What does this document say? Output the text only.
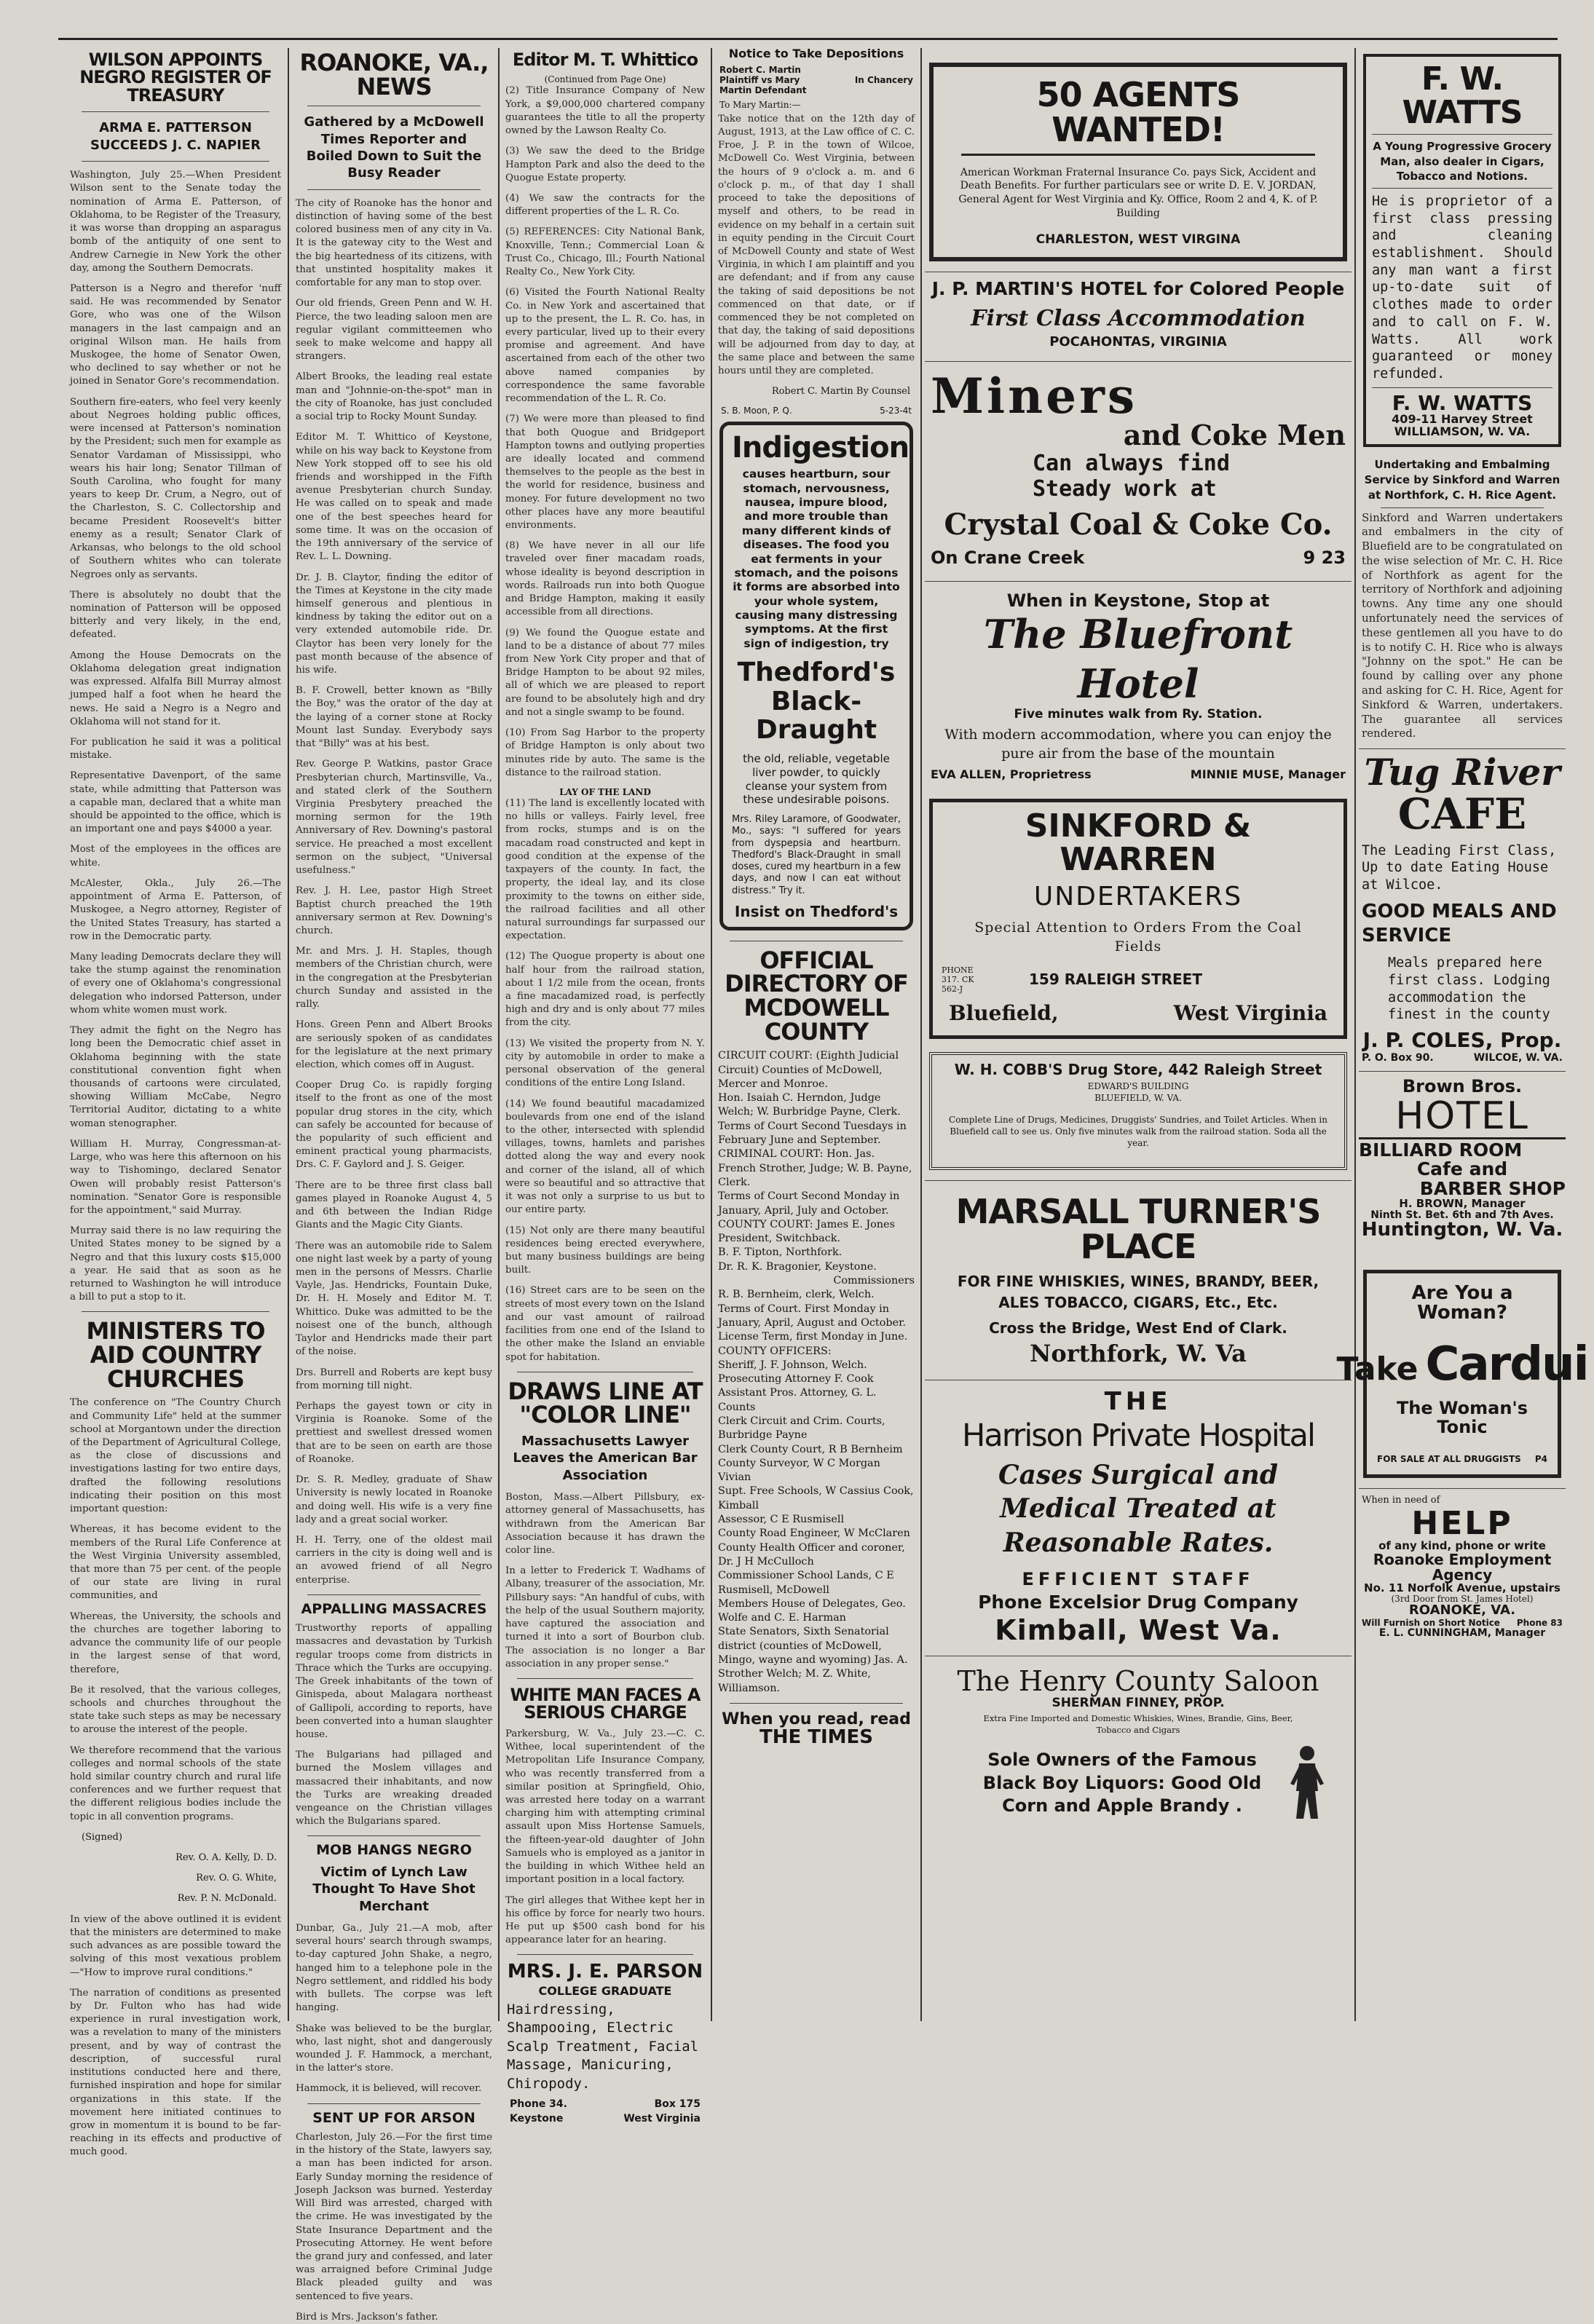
WILSON APPOINTS NEGRO REGISTER OF TREASURY
ARMA E. PATTERSON SUCCEEDS J. C. NAPIER

Washington, July 25.—When President Wilson sent to the Senate today the nomination of Arma E. Patterson, of Oklahoma, to be Register of the Treasury, it was worse than dropping an asparagus bomb of the antiquity of one sent to Andrew Carnegie in New York the other day, among the Southern Democrats.

Patterson is a Negro and therefor 'nuff said. He was recommended by Senator Gore, who was one of the Wilson managers in the last campaign and an original Wilson man. He hails from Muskogee, the home of Senator Owen, who declined to say whether or not he joined in Senator Gore's recommendation.

Southern fire-eaters, who feel very keenly about Negroes holding public offices, were incensed at Patterson's nomination by the President; such men for example as Senator Vardaman of Mississippi, who wears his hair long; Senator Tillman of South Carolina, who fought for many years to keep Dr. Crum, a Negro, out of the Charleston, S. C. Collectorship and became President Roosevelt's bitter enemy as a result; Senator Clark of Arkansas, who belongs to the old school of Southern whites who can tolerate Negroes only as servants.

There is absolutely no doubt that the nomination of Patterson will be opposed bitterly and very likely, in the end, defeated.

Among the House Democrats on the Oklahoma delegation great indignation was expressed. Alfalfa Bill Murray almost jumped half a foot when he heard the news. He said a Negro is a Negro and Oklahoma will not stand for it.

For publication he said it was a political mistake.

Representative Davenport, of the same state, while admitting that Patterson was a capable man, declared that a white man should be appointed to the office, which is an important one and pays $4000 a year.

Most of the employees in the offices are white.

McAlester, Okla., July 26.—The appointment of Arma E. Patterson, of Muskogee, a Negro attorney, Register of the United States Treasury, has started a row in the Democratic party.

Many leading Democrats declare they will take the stump against the renomination of every one of Oklahoma's congressional delegation who indorsed Patterson, under whom white women must work.

They admit the fight on the Negro has long been the Democratic chief asset in Oklahoma beginning with the state constitutional convention fight when thousands of cartoons were circulated, showing William McCabe, Negro Territorial Auditor, dictating to a white woman stenographer.

William H. Murray, Congressman-at-Large, who was here this afternoon on his way to Tishomingo, declared Senator Owen will probably resist Patterson's nomination. "Senator Gore is responsible for the appointment," said Murray.

Murray said there is no law requiring the United States money to be signed by a Negro and that this luxury costs $15,000 a year. He said that as soon as he returned to Washington he will introduce a bill to put a stop to it.

MINISTERS TO AID COUNTRY CHURCHES

The conference on "The Country Church and Community Life" held at the summer school at Morgantown under the direction of the Department of Agricultural College, as the close of discussions and investigations lasting for two entire days, drafted the following resolutions indicating their position on this most important question:

Whereas, it has become evident to the members of the Rural Life Conference at the West Virginia University assembled, that more than 75 per cent. of the people of our state are living in rural communities, and

Whereas, the University, the schools and the churches are together laboring to advance the community life of our people in the largest sense of that word, therefore,

Be it resolved, that the various colleges, schools and churches throughout the state take such steps as may be necessary to arouse the interest of the people.

We therefore recommend that the various colleges and normal schools of the state hold similar country church and rural life conferences and we further request that the different religious bodies include the topic in all convention programs.

(Signed)
Rev. O. A. Kelly, D. D.
Rev. O. G. White,
Rev. P. N. McDonald.

In view of the above outlined it is evident that the ministers are determined to make such advances as are possible toward the solving of this most vexatious problem—"How to improve rural conditions."

The narration of conditions as presented by Dr. Fulton who has had wide experience in rural investigation work, was a revelation to many of the ministers present, and by way of contrast the description, of successful rural institutions conducted here and there, furnished inspiration and hope for similar organizations in this state. If the movement here initiated continues to grow in momentum it is bound to be far-reaching in its effects and productive of much good.

ROANOKE, VA., NEWS
Gathered by a McDowell Times Reporter and Boiled Down to Suit the Busy Reader

The city of Roanoke has the honor and distinction of having some of the best colored business men of any city in Va. It is the gateway city to the West and the big heartedness of its citizens, with that unstinted hospitality makes it comfortable for any man to stop over.

Our old friends, Green Penn and W. H. Pierce, the two leading saloon men are regular vigilant committeemen who seek to make welcome and happy all strangers.

Albert Brooks, the leading real estate man and "Johnnie-on-the-spot" man in the city of Roanoke, has just concluded a social trip to Rocky Mount Sunday.

Editor M. T. Whittico of Keystone, while on his way back to Keystone from New York stopped off to see his old friends and worshipped in the Fifth avenue Presbyterian church Sunday. He was called on to speak and made one of the best speeches heard for some time. It was on the occasion of the 19th anniversary of the service of Rev. L. L. Downing.

Dr. J. B. Claytor, finding the editor of the Times at Keystone in the city made himself generous and plentious in kindness by taking the editor out on a very extended automobile ride. Dr. Claytor has been very lonely for the past month because of the absence of his wife.

B. F. Crowell, better known as "Billy the Boy," was the orator of the day at the laying of a corner stone at Rocky Mount last Sunday. Everybody says that "Billy" was at his best.

Rev. George P. Watkins, pastor Grace Presbyterian church, Martinsville, Va., and stated clerk of the Southern Virginia Presbytery preached the morning sermon for the 19th Anniversary of Rev. Downing's pastoral service. He preached a most excellent sermon on the subject, "Universal usefulness."

Rev. J. H. Lee, pastor High Street Baptist church preached the 19th anniversary sermon at Rev. Downing's church.

Mr. and Mrs. J. H. Staples, though members of the Christian church, were in the congregation at the Presbyterian church Sunday and assisted in the rally.

Hons. Green Penn and Albert Brooks are seriously spoken of as candidates for the legislature at the next primary election, which comes off in August.

Cooper Drug Co. is rapidly forging itself to the front as one of the most popular drug stores in the city, which can safely be accounted for because of the popularity of such efficient and eminent practical young pharmacists, Drs. C. F. Gaylord and J. S. Geiger.

There are to be three first class ball games played in Roanoke August 4, 5 and 6th between the Indian Ridge Giants and the Magic City Giants.

There was an automobile ride to Salem one night last week by a party of young men in the persons of Messrs. Charlie Vayle, Jas. Hendricks, Fountain Duke, Dr. H. H. Mosely and Editor M. T. Whittico. Duke was admitted to be the noisest one of the bunch, although Taylor and Hendricks made their part of the noise.

Drs. Burrell and Roberts are kept busy from morning till night.

Perhaps the gayest town or city in Virginia is Roanoke. Some of the prettiest and swellest dressed women that are to be seen on earth are those of Roanoke.

Dr. S. R. Medley, graduate of Shaw University is newly located in Roanoke and doing well. His wife is a very fine lady and a great social worker.

H. H. Terry, one of the oldest mail carriers in the city is doing well and is an avowed friend of all Negro enterprise.

APPALLING MASSACRES

Trustworthy reports of appalling massacres and devastation by Turkish regular troops come from districts in Thrace which the Turks are occupying. The Greek inhabitants of the town of Ginispeda, about Malagara northeast of Gallipoli, according to reports, have been converted into a human slaughter house.

The Bulgarians had pillaged and burned the Moslem villages and massacred their inhabitants, and now the Turks are wreaking dreaded vengeance on the Christian villages which the Bulgarians spared.

MOB HANGS NEGRO
Victim of Lynch Law Thought To Have Shot Merchant

Dunbar, Ga., July 21.—A mob, after several hours' search through swamps, to-day captured John Shake, a negro, hanged him to a telephone pole in the Negro settlement, and riddled his body with bullets. The corpse was left hanging.

Shake was believed to be the burglar, who, last night, shot and dangerously wounded J. F. Hammock, a merchant, in the latter's store.

Hammock, it is believed, will recover.

SENT UP FOR ARSON

Charleston, July 26.—For the first time in the history of the State, lawyers say, a man has been indicted for arson. Early Sunday morning the residence of Joseph Jackson was burned. Yesterday Will Bird was arrested, charged with the crime. He was investigated by the State Insurance Department and the Prosecuting Attorney. He went before the grand jury and confessed, and later was arraigned before Criminal Judge Black pleaded guilty and was sentenced to five years.

Bird is Mrs. Jackson's father.

Editor M. T. Whittico
(Continued from Page One)

(2) Title Insurance Company of New York, a $9,000,000 chartered company guarantees the title to all the property owned by the Lawson Realty Co.

(3) We saw the deed to the Bridge Hampton Park and also the deed to the Quogue Estate property.

(4) We saw the contracts for the different properties of the L. R. Co.

(5) REFERENCES: City National Bank, Knoxville, Tenn.; Commercial Loan & Trust Co., Chicago, Ill.; Fourth National Realty Co., New York City.

(6) Visited the Fourth National Realty Co. in New York and ascertained that up to the present, the L. R. Co. has, in every particular, lived up to their every promise and agreement. And have ascertained from each of the other two above named companies by correspondence the same favorable recommendation of the L. R. Co.

(7) We were more than pleased to find that both Quogue and Bridgeport Hampton towns and outlying properties are ideally located and commend themselves to the people as the best in the world for residence, business and money. For future development no two other places have any more beautiful environments.

(8) We have never in all our life traveled over finer macadam roads, whose ideality is beyond description in words. Railroads run into both Quogue and Bridge Hampton, making it easily accessible from all directions.

(9) We found the Quogue estate and land to be a distance of about 77 miles from New York City proper and that of Bridge Hampton to be about 92 miles, all of which we are pleased to report are found to be absolutely high and dry and not a single swamp to be found.

(10) From Sag Harbor to the property of Bridge Hampton is only about two minutes ride by auto. The same is the distance to the railroad station.

LAY OF THE LAND

(11) The land is excellently located with no hills or valleys. Fairly level, free from rocks, stumps and is on the macadam road constructed and kept in good condition at the expense of the taxpayers of the county. In fact, the property, the ideal lay, and its close proximity to the towns on either side, the railroad facilities and all other natural surroundings far surpassed our expectation.

(12) The Quogue property is about one half hour from the railroad station, about 1 1/2 mile from the ocean, fronts a fine macadamized road, is perfectly high and dry and is only about 77 miles from the city.

(13) We visited the property from N. Y. city by automobile in order to make a personal observation of the general conditions of the entire Long Island.

(14) We found beautiful macadamized boulevards from one end of the island to the other, intersected with splendid villages, towns, hamlets and parishes dotted along the way and every nook and corner of the island, all of which were so beautiful and so attractive that it was not only a surprise to us but to our entire party.

(15) Not only are there many beautiful residences being erected everywhere, but many business buildings are being built.

(16) Street cars are to be seen on the streets of most every town on the Island and our vast amount of railroad facilities from one end of the Island to the other make the Island an enviable spot for habitation.

DRAWS LINE AT "COLOR LINE"
Massachusetts Lawyer Leaves the American Bar Association

Boston, Mass.—Albert Pillsbury, ex-attorney general of Massachusetts, has withdrawn from the American Bar Association because it has drawn the color line.

In a letter to Frederick T. Wadhams of Albany, treasurer of the association, Mr. Pillsbury says: "An handful of cubs, with the help of the usual Southern majority, have captured the association and turned it into a sort of Bourbon club. The association is no longer a Bar association in any proper sense."

WHITE MAN FACES A SERIOUS CHARGE

Parkersburg, W. Va., July 23.—C. C. Withee, local superintendent of the Metropolitan Life Insurance Company, who was recently transferred from a similar position at Springfield, Ohio, was arrested here today on a warrant charging him with attempting criminal assault upon Miss Hortense Samuels, the fifteen-year-old daughter of John Samuels who is employed as a janitor in the building in which Withee held an important position in a local factory.

The girl alleges that Withee kept her in his office by force for nearly two hours. He put up $500 cash bond for his appearance later for an hearing.

MRS. J. E. PARSON
COLLEGE GRADUATE
Hairdressing, Shampooing, Electric Scalp Treatment, Facial Massage, Manicuring, Chiropody.
Phone 34.	Box 175
Keystone	West Virginia
Notice to Take Depositions
Robert C. Martin Plaintiff vs Mary Martin Defendant
In Chancery
To Mary Martin:—

Take notice that on the 12th day of August, 1913, at the Law office of C. C. Froe, J. P. in the town of Wilcoe, McDowell Co. West Virginia, between the hours of 9 o'clock a. m. and 6 o'clock p. m., of that day I shall proceed to take the depositions of myself and others, to be read in evidence on my behalf in a certain suit in equity pending in the Circuit Court of McDowell County and state of West Virginia, in which I am plaintiff and you are defendant; and if from any cause the taking of said depositions be not commenced on that date, or if commenced they be not completed on that day, the taking of said depositions will be adjourned from day to day, at the same place and between the same hours until they are completed.

Robert C. Martin By Counsel
S. B. Moon, P. Q.	5-23-4t
Indigestion
causes heartburn, sour stomach, nervousness, nausea, impure blood, and more trouble than many different kinds of diseases. The food you eat ferments in your stomach, and the poisons it forms are absorbed into your whole system, causing many distressing symptoms. At the first sign of indigestion, try
Thedford's Black-Draught
the old, reliable, vegetable liver powder, to quickly cleanse your system from these undesirable poisons.
Mrs. Riley Laramore, of Goodwater, Mo., says: "I suffered for years from dyspepsia and heartburn. Thedford's Black-Draught in small doses, cured my heartburn in a few days, and now I can eat without distress." Try it.
Insist on Thedford's
OFFICIAL DIRECTORY OF MCDOWELL COUNTY
CIRCUIT COURT: (Eighth Judicial Circuit) Counties of McDowell, Mercer and Monroe.
Hon. Isaiah C. Herndon, Judge Welch; W. Burbridge Payne, Clerk.
Terms of Court Second Tuesdays in February June and September.
CRIMINAL COURT: Hon. Jas. French Strother, Judge; W. B. Payne, Clerk.
Terms of Court Second Monday in January, April, July and October.
COUNTY COURT: James E. Jones President, Switchback.
B. F. Tipton, Northfork.
Dr. R. K. Bragonier, Keystone.
Commissioners
R. B. Bernheim, clerk, Welch.
Terms of Court. First Monday in January, April, August and October.
License Term, first Monday in June.
COUNTY OFFICERS:
Sheriff, J. F. Johnson, Welch.
Prosecuting Attorney F. Cook
Assistant Pros. Attorney, G. L. Counts
Clerk Circuit and Crim. Courts, Burbridge Payne
Clerk County Court, R B Bernheim
County Surveyor, W C Morgan Vivian
Supt. Free Schools, W Cassius Cook, Kimball
Assessor, C E Rusmisell
County Road Engineer, W McClaren
County Health Officer and coroner, Dr. J H McCulloch
Commissioner School Lands, C E Rusmisell, McDowell
Members House of Delegates, Geo. Wolfe and C. E. Harman
State Senators, Sixth Senatorial district (counties of McDowell, Mingo, wayne and wyoming) Jas. A. Strother Welch; M. Z. White, Williamson.
When you read, read
THE TIMES
50 AGENTS WANTED!
American Workman Fraternal Insurance Co. pays Sick, Accident and Death Benefits. For further particulars see or write D. E. V. JORDAN, General Agent for West Virginia and Ky. Office, Room 2 and 4, K. of P. Building
CHARLESTON, WEST VIRGINA
J. P. MARTIN'S HOTEL for Colored People
First Class Accommodation
POCAHONTAS, VIRGINIA
Miners
and Coke Men
Can always find
Steady work at
Crystal Coal & Coke Co.
On Crane Creek	9 23
When in Keystone, Stop at
The Bluefront Hotel
Five minutes walk from Ry. Station.
With modern accommodation, where you can enjoy the pure air from the base of the mountain
EVA ALLEN, Proprietress	MINNIE MUSE, Manager
SINKFORD & WARREN
UNDERTAKERS
Special Attention to Orders From the Coal Fields
PHONE 317. CK 562-J
159 RALEIGH STREET
Bluefield,	West Virginia
W. H. COBB'S Drug Store, 442 Raleigh Street
EDWARD'S BUILDING
BLUEFIELD, W. VA.
Complete Line of Drugs, Medicines, Druggists' Sundries, and Toilet Articles. When in Bluefield call to see us. Only five minutes walk from the railroad station. Soda all the year.
MARSALL TURNER'S PLACE
FOR FINE WHISKIES, WINES, BRANDY, BEER, ALES TOBACCO, CIGARS, Etc., Etc.
Cross the Bridge, West End of Clark.
Northfork, W. Va
THE
Harrison Private Hospital
Cases Surgical and Medical Treated at Reasonable Rates.
EFFICIENT STAFF
Phone Excelsior Drug Company
Kimball, West Va.
The Henry County Saloon
SHERMAN FINNEY, PROP.
Extra Fine Imported and Domestic Whiskies, Wines, Brandie, Gins, Beer, Tobacco and Cigars
Sole Owners of the Famous Black Boy Liquors: Good Old Corn and Apple Brandy .
F. W. WATTS
A Young Progressive Grocery Man, also dealer in Cigars, Tobacco and Notions.
He is proprietor of a first class pressing and cleaning establishment. Should any man want a first up-to-date suit of clothes made to order and to call on F. W. Watts. All work guaranteed or money refunded.
F. W. WATTS
409-11 Harvey Street
WILLIAMSON, W. VA.
Undertaking and Embalming Service by Sinkford and Warren at Northfork, C. H. Rice Agent.

Sinkford and Warren undertakers and embalmers in the city of Bluefield are to be congratulated on the wise selection of Mr. C. H. Rice of Northfork as agent for the territory of Northfork and adjoining towns. Any time any one should unfortunately need the services of these gentlemen all you have to do is to notify C. H. Rice who is always "Johnny on the spot." He can be found by calling over any phone and asking for C. H. Rice, Agent for Sinkford & Warren, undertakers. The guarantee all services rendered.

Tug River
CAFE
The Leading First Class, Up to date Eating House at Wilcoe.
GOOD MEALS AND SERVICE
Meals prepared here first class. Lodging accommodation the finest in the county
J. P. COLES, Prop.
P. O. Box 90.	WILCOE, W. VA.
Brown Bros.
HOTEL
BILLIARD ROOM
Cafe and
BARBER SHOP
H. BROWN, Manager
Ninth St. Bet. 6th and 7th Aves.
Huntington, W. Va.
Are You a Woman?
Take Cardui
The Woman's Tonic
FOR SALE AT ALL DRUGGISTS P4
When in need of
HELP
of any kind, phone or write
Roanoke Employment Agency
No. 11 Norfolk Avenue, upstairs
(3rd Door from St. James Hotel)
ROANOKE, VA.
Will Furnish on Short Notice Phone 83
E. L. CUNNINGHAM, Manager
